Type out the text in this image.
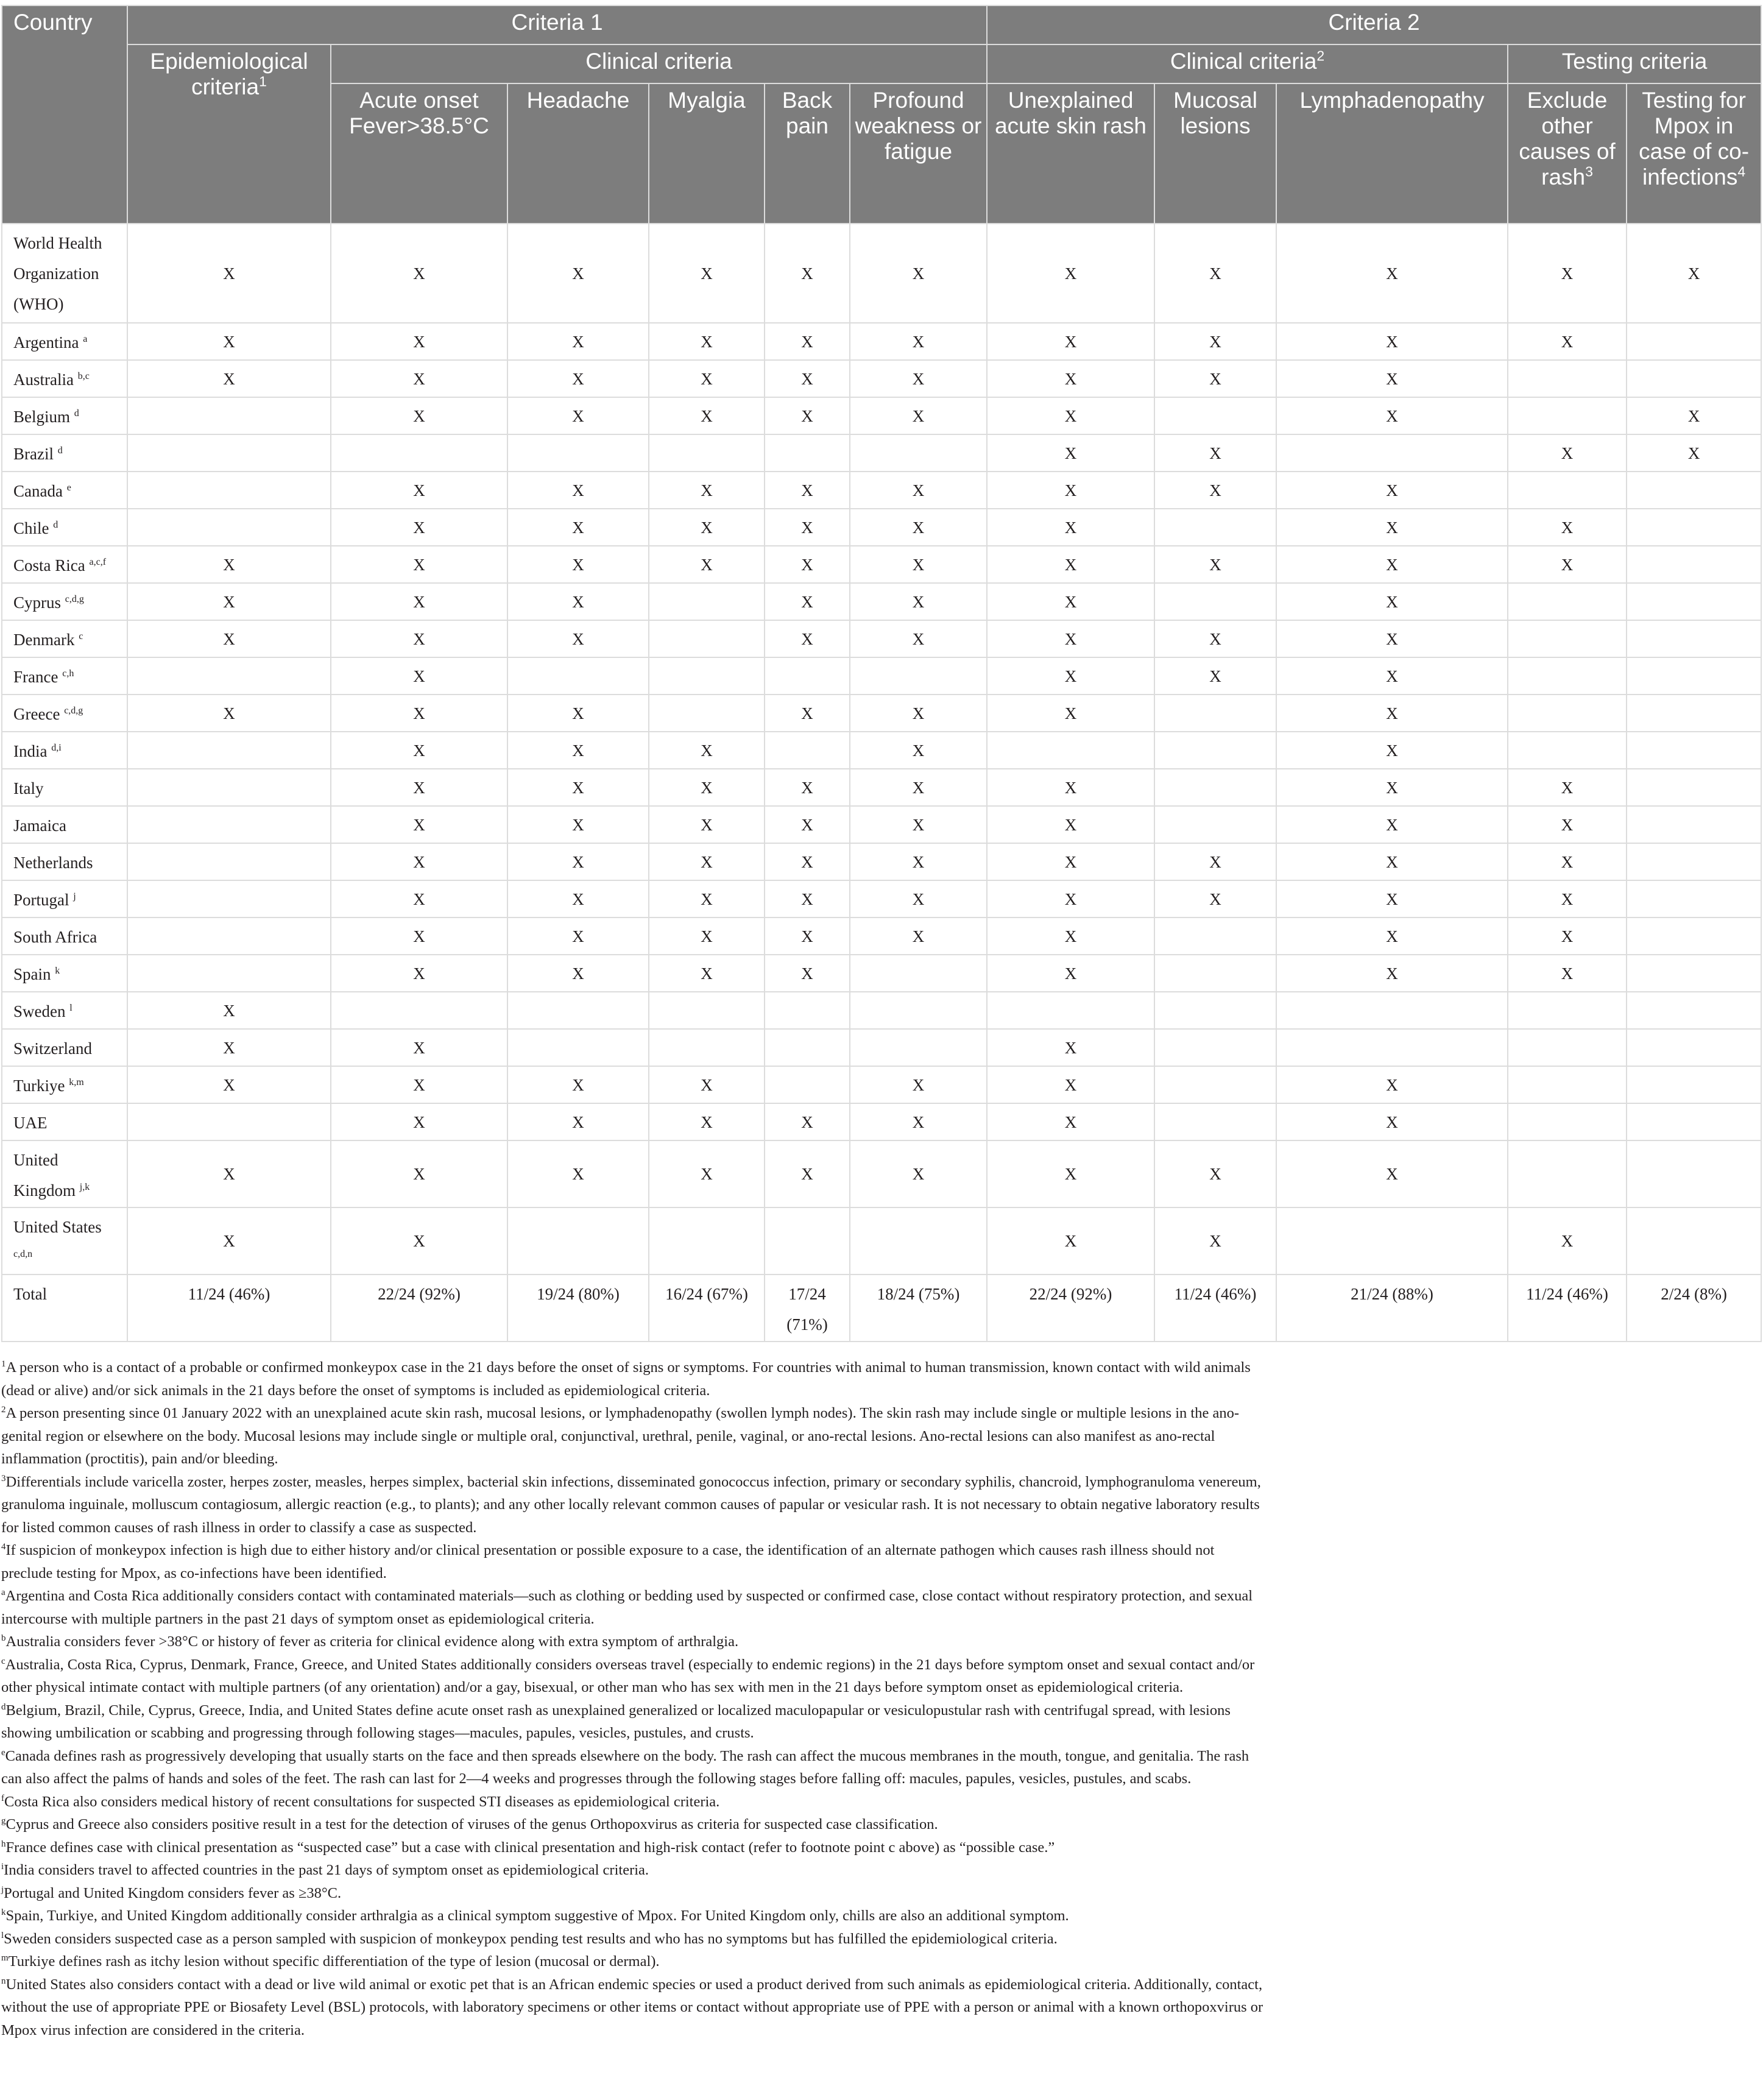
Country	Criteria 1						Criteria 2				
	Epidemiological criteria$^1$	Clinical criteria					Clinical criteria$^2$			Testing criteria	
		Acute onset Fever>38.5°C	Headache	Myalgia	Back pain	Profound weakness or fatigue	Unexplained acute skin rash	Mucosal lesions	Lymphadenopathy	Exclude other causes of rash$^3$	Testing for Mpox in case of co-infections$^4$
World Health Organization (WHO)	X	X	X	X	X	X	X	X	X	X	X
Argentina $^a$	X	X	X	X	X	X	X	X	X	X	
Australia $^{b,c}$	X	X	X	X	X	X	X	X	X		
Belgium $^d$		X	X	X	X	X	X		X		X
Brazil $^d$							X	X		X	X
Canada $^e$		X	X	X	X	X	X	X	X		
Chile $^d$		X	X	X	X	X	X		X	X	
Costa Rica $^{a,c,f}$	X	X	X	X	X	X	X	X	X	X	
Cyprus $^{c,d,g}$	X	X	X		X	X	X		X		
Denmark $^c$	X	X	X		X	X	X	X	X		
France $^{c,h}$		X					X	X	X		
Greece $^{c,d,g}$	X	X	X		X	X	X		X		
India $^{d,i}$		X	X	X		X			X		
Italy		X	X	X	X	X	X		X	X	
Jamaica		X	X	X	X	X	X		X	X	
Netherlands		X	X	X	X	X	X	X	X	X	
Portugal $^j$		X	X	X	X	X	X	X	X	X	
South Africa		X	X	X	X	X	X		X	X	
Spain $^k$		X	X	X	X		X		X	X	
Sweden $^l$	X										
Switzerland	X	X					X				
Turkiye $^{k,m}$	X	X	X	X		X	X		X		
UAE		X	X	X	X	X	X		X		
United Kingdom $^{j,k}$	X	X	X	X	X	X	X	X	X		
United States $^{c,d,n}$	X	X					X	X		X	
Total	11/24 (46%)	22/24 (92%)	19/24 (80%)	16/24 (67%)	17/24 (71%)	18/24 (75%)	22/24 (92%)	11/24 (46%)	21/24 (88%)	11/24 (46%)	2/24 (8%)

$^1$A person who is a contact of a probable or confirmed monkeypox case in the 21 days before the onset of signs or symptoms. For countries with animal to human transmission, known contact with wild animals (dead or alive) and/or sick animals in the 21 days before the onset of symptoms is included as epidemiological criteria.

$^2$A person presenting since 01 January 2022 with an unexplained acute skin rash, mucosal lesions, or lymphadenopathy (swollen lymph nodes). The skin rash may include single or multiple lesions in the ano-genital region or elsewhere on the body. Mucosal lesions may include single or multiple oral, conjunctival, urethral, penile, vaginal, or ano-rectal lesions. Ano-rectal lesions can also manifest as ano-rectal inflammation (proctitis), pain and/or bleeding.

$^3$Differentials include varicella zoster, herpes zoster, measles, herpes simplex, bacterial skin infections, disseminated gonococcus infection, primary or secondary syphilis, chancroid, lymphogranuloma venereum, granuloma inguinale, molluscum contagiosum, allergic reaction (e.g., to plants); and any other locally relevant common causes of papular or vesicular rash. It is not necessary to obtain negative laboratory results for listed common causes of rash illness in order to classify a case as suspected.

$^4$If suspicion of monkeypox infection is high due to either history and/or clinical presentation or possible exposure to a case, the identification of an alternate pathogen which causes rash illness should not preclude testing for Mpox, as co-infections have been identified.

$^a$Argentina and Costa Rica additionally considers contact with contaminated materials—such as clothing or bedding used by suspected or confirmed case, close contact without respiratory protection, and sexual intercourse with multiple partners in the past 21 days of symptom onset as epidemiological criteria.

$^b$Australia considers fever >38°C or history of fever as criteria for clinical evidence along with extra symptom of arthralgia.

$^c$Australia, Costa Rica, Cyprus, Denmark, France, Greece, and United States additionally considers overseas travel (especially to endemic regions) in the 21 days before symptom onset and sexual contact and/or other physical intimate contact with multiple partners (of any orientation) and/or a gay, bisexual, or other man who has sex with men in the 21 days before symptom onset as epidemiological criteria.

$^d$Belgium, Brazil, Chile, Cyprus, Greece, India, and United States define acute onset rash as unexplained generalized or localized maculopapular or vesiculopustular rash with centrifugal spread, with lesions showing umbilication or scabbing and progressing through following stages—macules, papules, vesicles, pustules, and crusts.

$^e$Canada defines rash as progressively developing that usually starts on the face and then spreads elsewhere on the body. The rash can affect the mucous membranes in the mouth, tongue, and genitalia. The rash can also affect the palms of hands and soles of the feet. The rash can last for 2—4 weeks and progresses through the following stages before falling off: macules, papules, vesicles, pustules, and scabs.

$^f$Costa Rica also considers medical history of recent consultations for suspected STI diseases as epidemiological criteria.

$^g$Cyprus and Greece also considers positive result in a test for the detection of viruses of the genus Orthopoxvirus as criteria for suspected case classification.

$^h$France defines case with clinical presentation as “suspected case” but a case with clinical presentation and high-risk contact (refer to footnote point c above) as “possible case.”

$^i$India considers travel to affected countries in the past 21 days of symptom onset as epidemiological criteria.

$^j$Portugal and United Kingdom considers fever as ≥38°C.

$^k$Spain, Turkiye, and United Kingdom additionally consider arthralgia as a clinical symptom suggestive of Mpox. For United Kingdom only, chills are also an additional symptom.

$^l$Sweden considers suspected case as a person sampled with suspicion of monkeypox pending test results and who has no symptoms but has fulfilled the epidemiological criteria.

$^m$Turkiye defines rash as itchy lesion without specific differentiation of the type of lesion (mucosal or dermal).

$^n$United States also considers contact with a dead or live wild animal or exotic pet that is an African endemic species or used a product derived from such animals as epidemiological criteria. Additionally, contact, without the use of appropriate PPE or Biosafety Level (BSL) protocols, with laboratory specimens or other items or contact without appropriate use of PPE with a person or animal with a known orthopoxvirus or Mpox virus infection are considered in the criteria.
